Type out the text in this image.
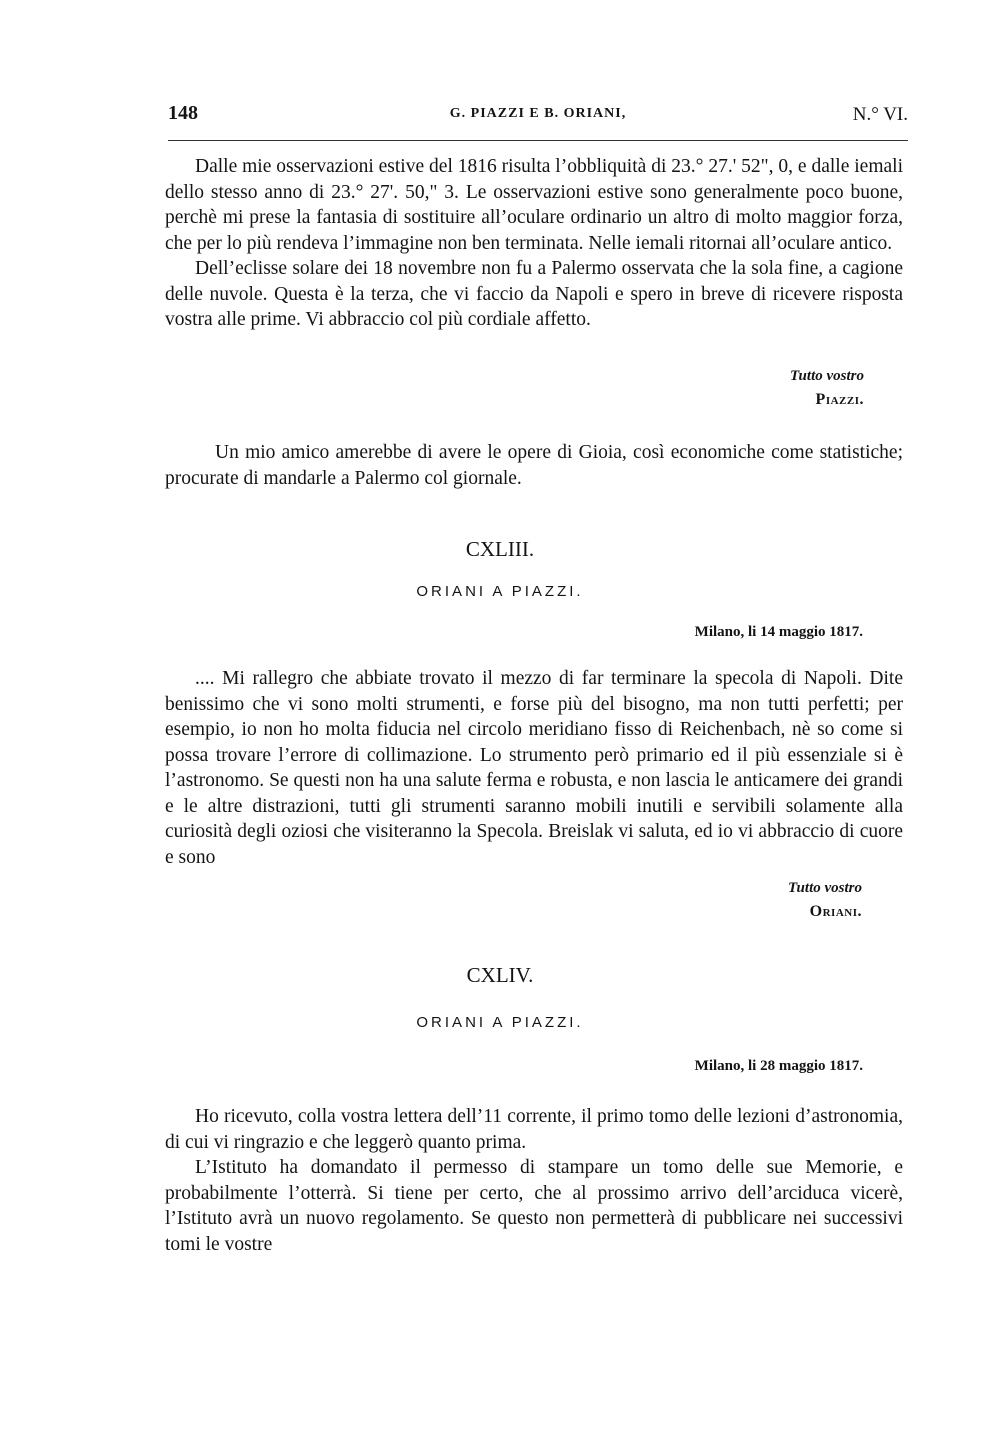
148	G. PIAZZI E B. ORIANI,	N.° VI.

Dalle mie osservazioni estive del 1816 risulta l’obbliquità di 23.° 27.' 52", 0, e dalle iemali dello stesso anno di 23.° 27'. 50," 3. Le osservazioni estive sono generalmente poco buone, perchè mi prese la fantasia di sostituire all’oculare ordinario un altro di molto maggior forza, che per lo più rendeva l’immagine non ben terminata. Nelle iemali ritornai all’oculare antico.

Dell’eclisse solare dei 18 novembre non fu a Palermo osservata che la sola fine, a cagione delle nuvole. Questa è la terza, che vi faccio da Napoli e spero in breve di ricevere risposta vostra alle prime. Vi abbraccio col più cordiale affetto.

Tutto vostro
Piazzi.

Un mio amico amerebbe di avere le opere di Gioia, così economiche come statistiche; procurate di mandarle a Palermo col giornale.

CXLIII.
ORIANI A PIAZZI.
Milano, li 14 maggio 1817.

.... Mi rallegro che abbiate trovato il mezzo di far terminare la specola di Napoli. Dite benissimo che vi sono molti strumenti, e forse più del bisogno, ma non tutti perfetti; per esempio, io non ho molta fiducia nel circolo meridiano fisso di Reichenbach, nè so come si possa trovare l’errore di collimazione. Lo strumento però primario ed il più essenziale si è l’astronomo. Se questi non ha una salute ferma e robusta, e non lascia le anticamere dei grandi e le altre distrazioni, tutti gli strumenti saranno mobili inutili e servibili solamente alla curiosità degli oziosi che visiteranno la Specola. Breislak vi saluta, ed io vi abbraccio di cuore e sono

Tutto vostro
Oriani.
CXLIV.
ORIANI A PIAZZI.
Milano, li 28 maggio 1817.

Ho ricevuto, colla vostra lettera dell’11 corrente, il primo tomo delle lezioni d’astronomia, di cui vi ringrazio e che leggerò quanto prima.

L’Istituto ha domandato il permesso di stampare un tomo delle sue Memorie, e probabilmente l’otterrà. Si tiene per certo, che al prossimo arrivo dell’arciduca vicerè, l’Istituto avrà un nuovo regolamento. Se questo non permetterà di pubblicare nei successivi tomi le vostre
